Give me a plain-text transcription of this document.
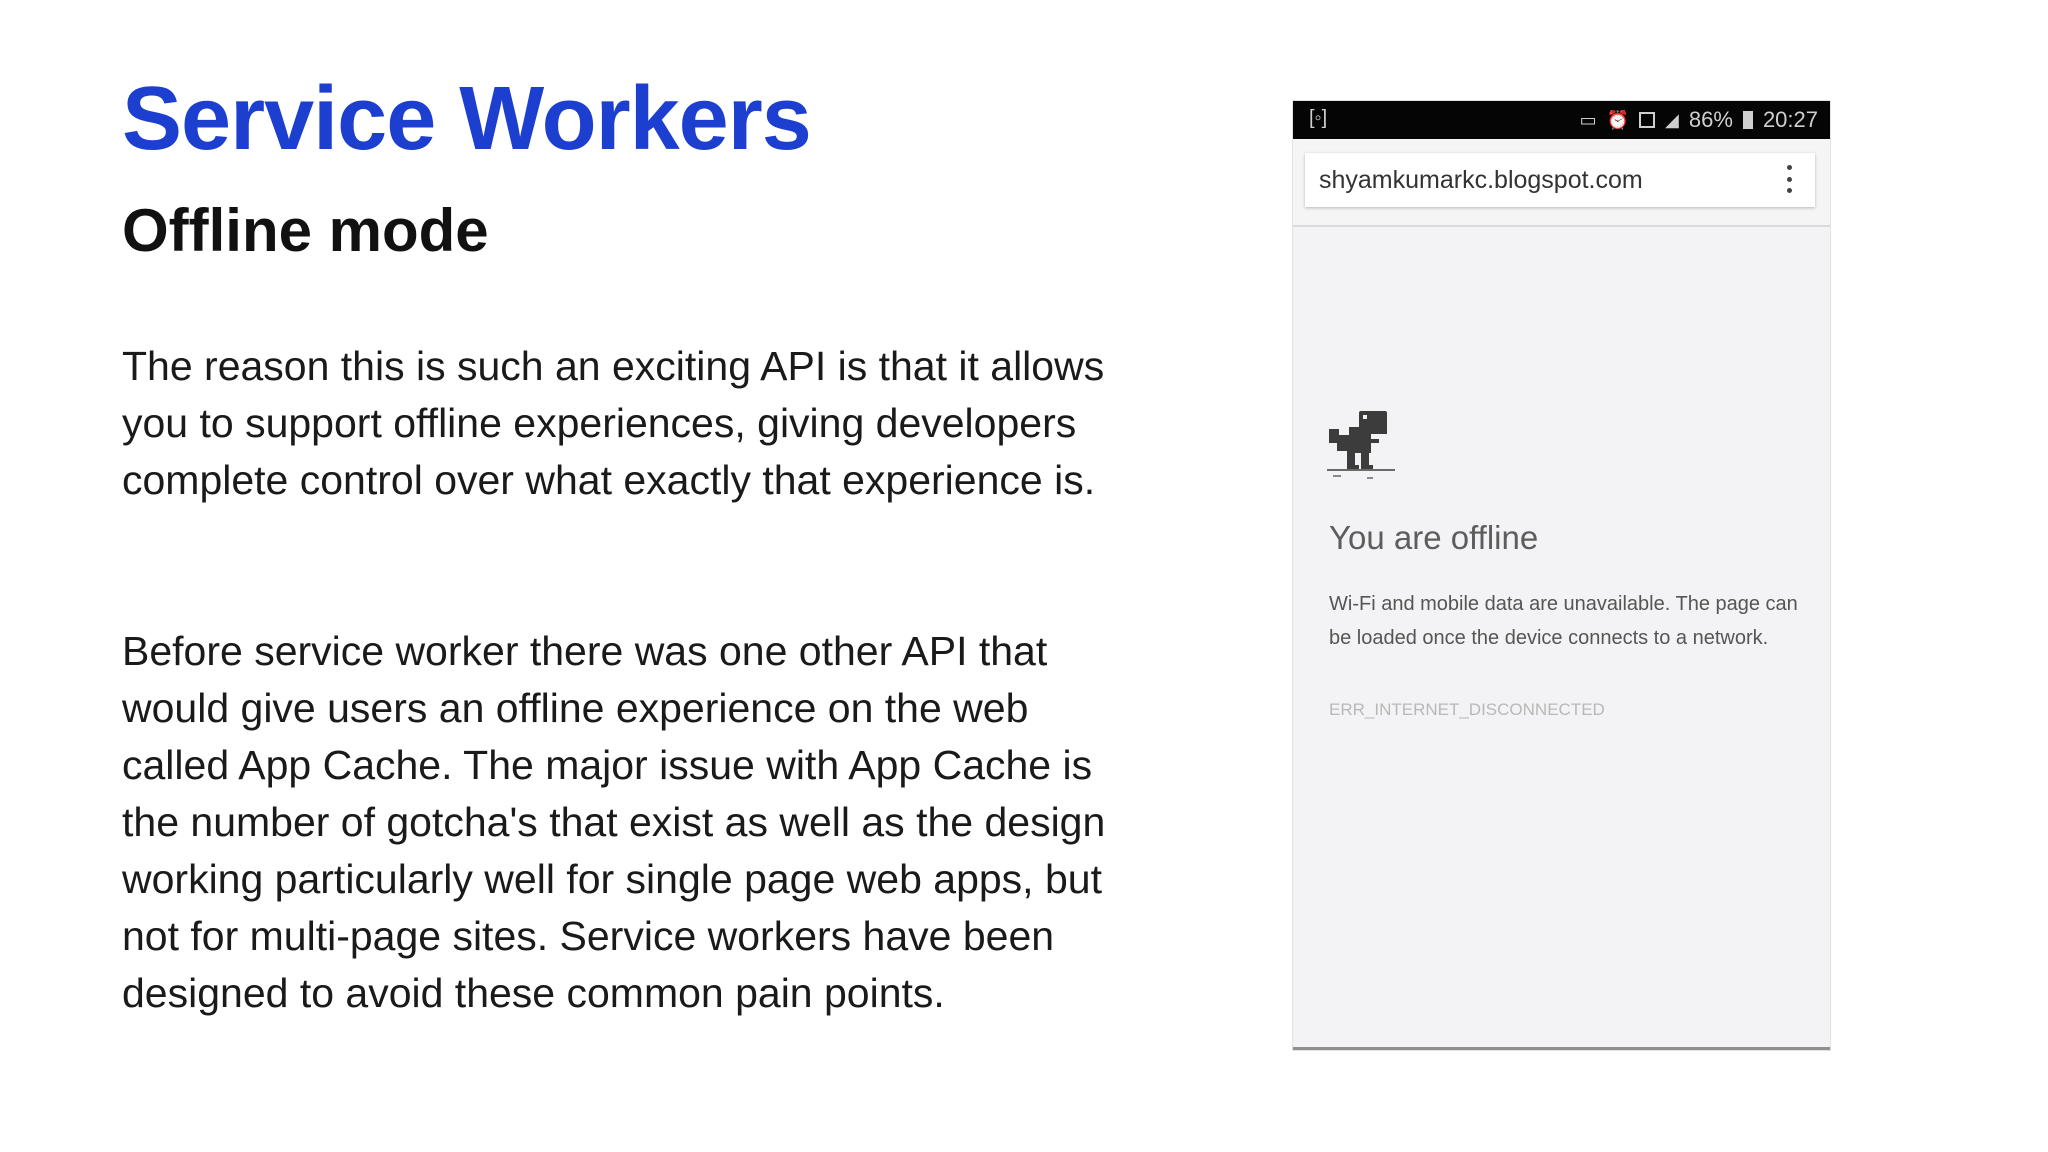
Service Workers
Offline mode

The reason this is such an exciting API is that it allows you to support offline experiences, giving developers complete control over what exactly that experience is.

Before service worker there was one other API that would give users an offline experience on the web called App Cache. The major issue with App Cache is the number of gotcha's that exist as well as the design working particularly well for single page web apps, but not for multi-page sites. Service workers have been designed to avoid these common pain points.

[◦]	▭ ⏰ ◢ 86% 20:27
shyamkumarkc.blogspot.com
You are offline
Wi-Fi and mobile data are unavailable. The page can be loaded once the device connects to a network.
ERR_INTERNET_DISCONNECTED
